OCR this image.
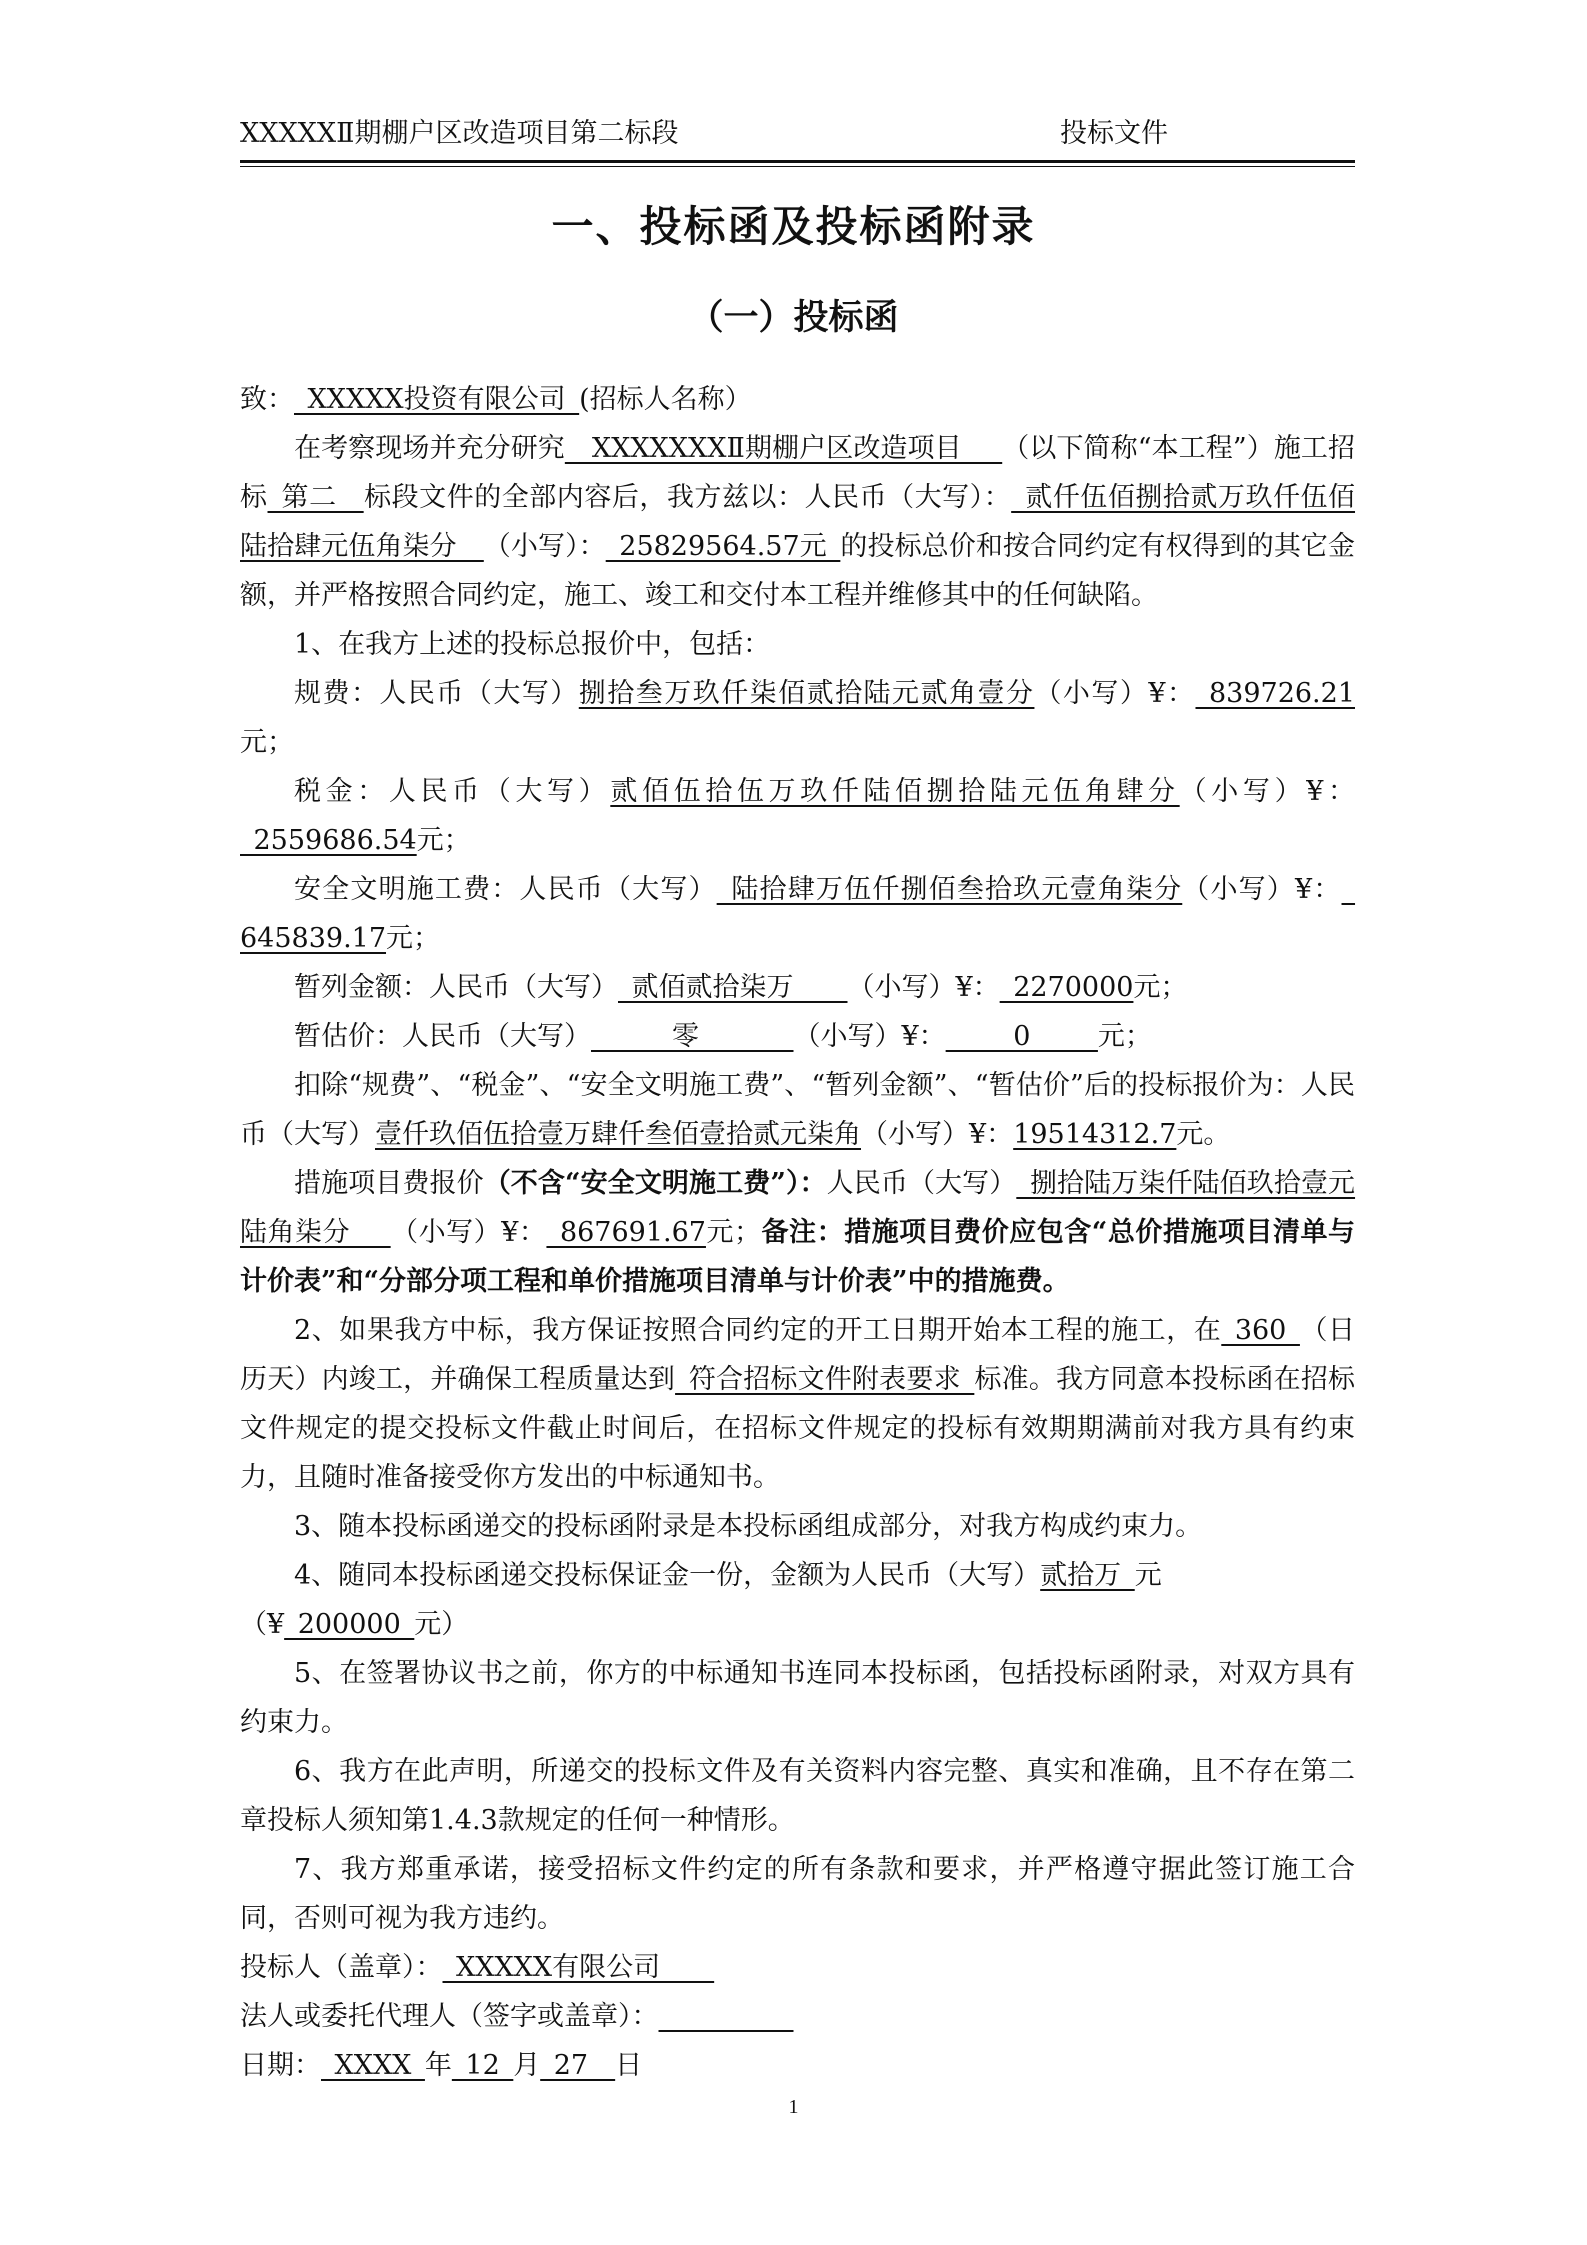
XXXXXⅡ期棚户区改造项目第二标段	投标文件
一、投标函及投标函附录
（一）投标函

致：_XXXXX投资有限公司_(招标人名称）

在考察现场并充分研究__XXXXXXXⅡ期棚户区改造项目___（以下简称“本工程”）施工招标_第二__标段文件的全部内容后，我方兹以：人民币（大写）：_贰仟伍佰捌拾贰万玖仟伍佰陆拾肆元伍角柒分__（小写）：_25829564.57元_的投标总价和按合同约定有权得到的其它金额，并严格按照合同约定，施工、竣工和交付本工程并维修其中的任何缺陷。

1、在我方上述的投标总报价中，包括：

规费：人民币（大写）捌拾叁万玖仟柒佰贰拾陆元贰角壹分（小写）¥：_839726.21元；

税金：人民币（大写）贰佰伍拾伍万玖仟陆佰捌拾陆元伍角肆分（小写）¥：_2559686.54元；

安全文明施工费：人民币（大写）_陆拾肆万伍仟捌佰叁拾玖元壹角柒分（小写）¥：_ 645839.17元；

暂列金额：人民币（大写）_贰佰贰拾柒万____（小写）¥：_2270000元；

暂估价：人民币（大写）______零_______（小写）¥：_____0_____元；

扣除“规费”、“税金”、“安全文明施工费”、“暂列金额”、“暂估价”后的投标报价为：人民币（大写）壹仟玖佰伍拾壹万肆仟叁佰壹拾贰元柒角（小写）¥：19514312.7元。

措施项目费报价（不含“安全文明施工费”）：人民币（大写）_捌拾陆万柒仟陆佰玖拾壹元陆角柒分___（小写）¥：_867691.67元；备注：措施项目费价应包含“总价措施项目清单与计价表”和“分部分项工程和单价措施项目清单与计价表”中的措施费。

2、如果我方中标，我方保证按照合同约定的开工日期开始本工程的施工，在_360_（日历天）内竣工，并确保工程质量达到_符合招标文件附表要求_标准。我方同意本投标函在招标文件规定的提交投标文件截止时间后，在招标文件规定的投标有效期期满前对我方具有约束力，且随时准备接受你方发出的中标通知书。

3、随本投标函递交的投标函附录是本投标函组成部分，对我方构成约束力。

4、随同本投标函递交投标保证金一份，金额为人民币（大写）贰拾万_元
（¥_200000_元）

5、在签署协议书之前，你方的中标通知书连同本投标函，包括投标函附录，对双方具有约束力。

6、我方在此声明，所递交的投标文件及有关资料内容完整、真实和准确，且不存在第二章投标人须知第1.4.3款规定的任何一种情形。

7、我方郑重承诺，接受招标文件约定的所有条款和要求，并严格遵守据此签订施工合同，否则可视为我方违约。

投标人（盖章）：_XXXXX有限公司____

法人或委托代理人（签字或盖章）：__________

日期：_XXXX_年_12_月_27__日

1
